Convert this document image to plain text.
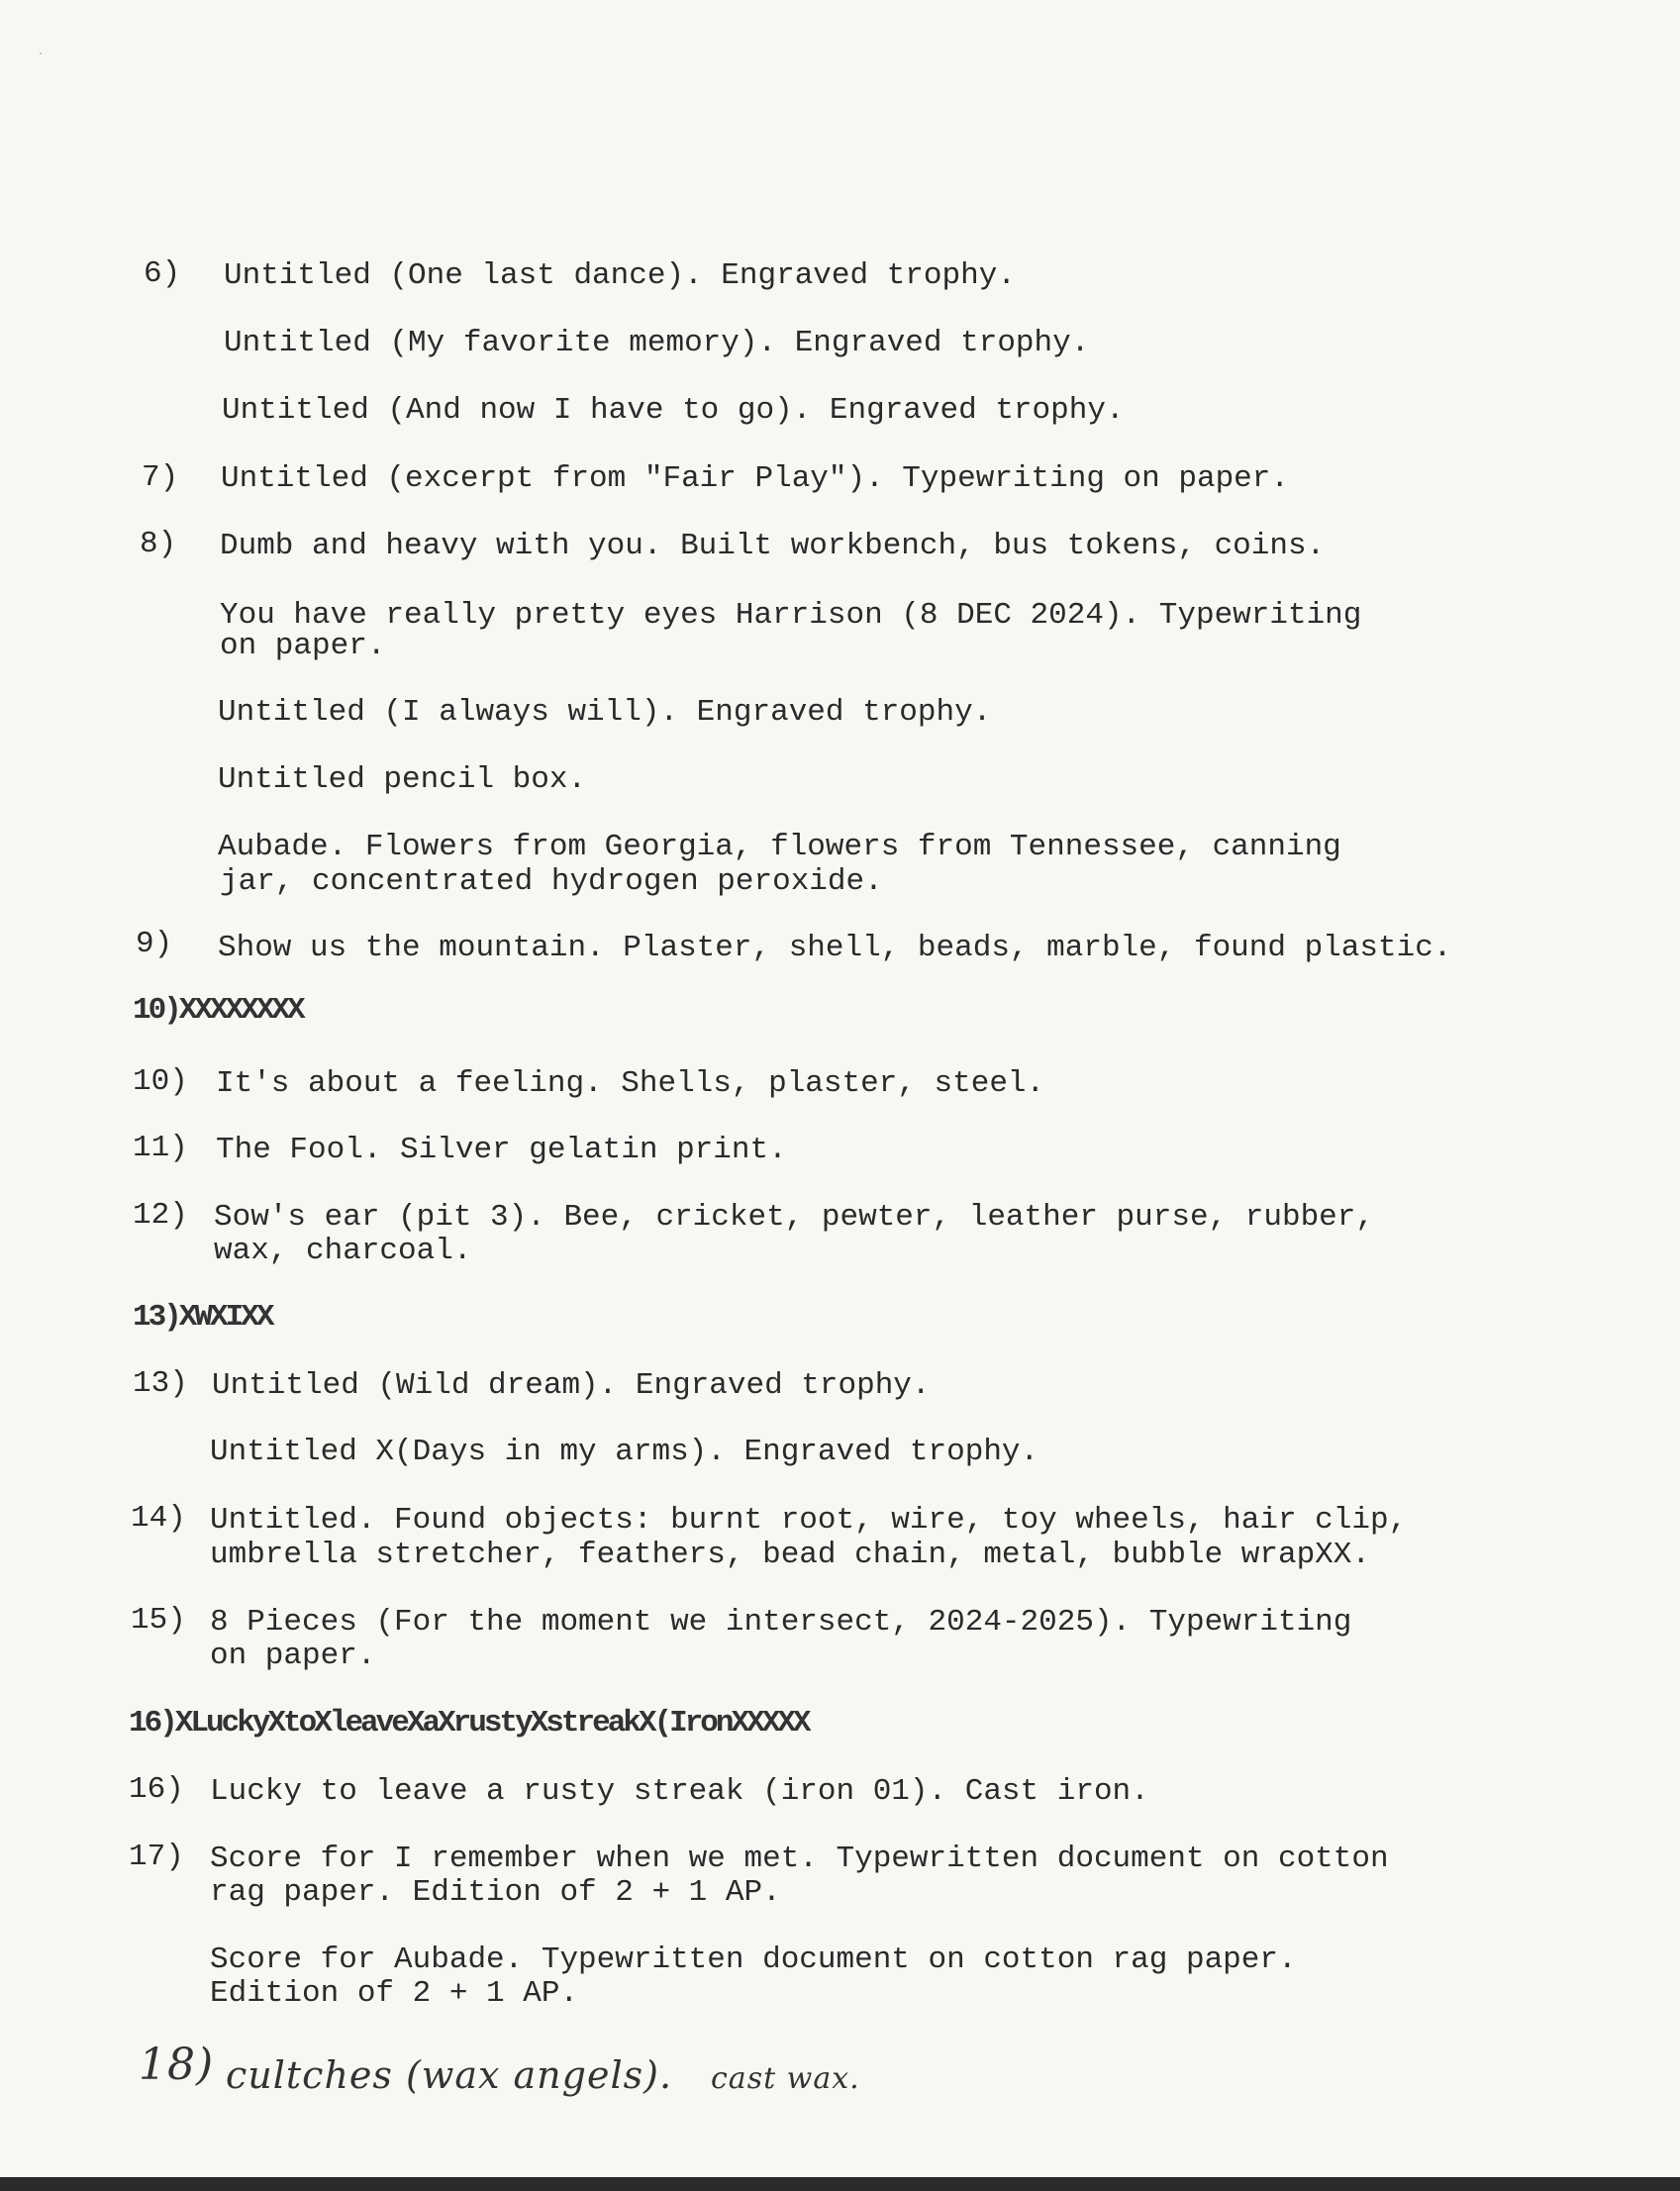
·
6) Untitled (One last dance). Engraved trophy.
Untitled (My favorite memory). Engraved trophy.
Untitled (And now I have to go). Engraved trophy.
7) Untitled (excerpt from "Fair Play"). Typewriting on paper.
8) Dumb and heavy with you. Built workbench, bus tokens, coins.
You have really pretty eyes Harrison (8 DEC 2024). Typewriting
on paper.
Untitled (I always will). Engraved trophy.
Untitled pencil box.
Aubade. Flowers from Georgia, flowers from Tennessee, canning
jar, concentrated hydrogen peroxide.
9) Show us the mountain. Plaster, shell, beads, marble, found plastic.
10)XXXXXXXX
10) It's about a feeling. Shells, plaster, steel.
11) The Fool. Silver gelatin print.
12) Sow's ear (pit 3). Bee, cricket, pewter, leather purse, rubber,
wax, charcoal.
13)XWXIXX
13) Untitled (Wild dream). Engraved trophy.
Untitled X(Days in my arms). Engraved trophy.
14) Untitled. Found objects: burnt root, wire, toy wheels, hair clip,
umbrella stretcher, feathers, bead chain, metal, bubble wrapXX.
15) 8 Pieces (For the moment we intersect, 2024-2025). Typewriting
on paper.
16)XLuckyXtoXleaveXaXrustyXstreakX(IronXXXXX
16) Lucky to leave a rusty streak (iron 01). Cast iron.
17) Score for I remember when we met. Typewritten document on cotton
rag paper. Edition of 2 + 1 AP.
Score for Aubade. Typewritten document on cotton rag paper.
Edition of 2 + 1 AP.
18) cultches (wax angels). cast wax.
